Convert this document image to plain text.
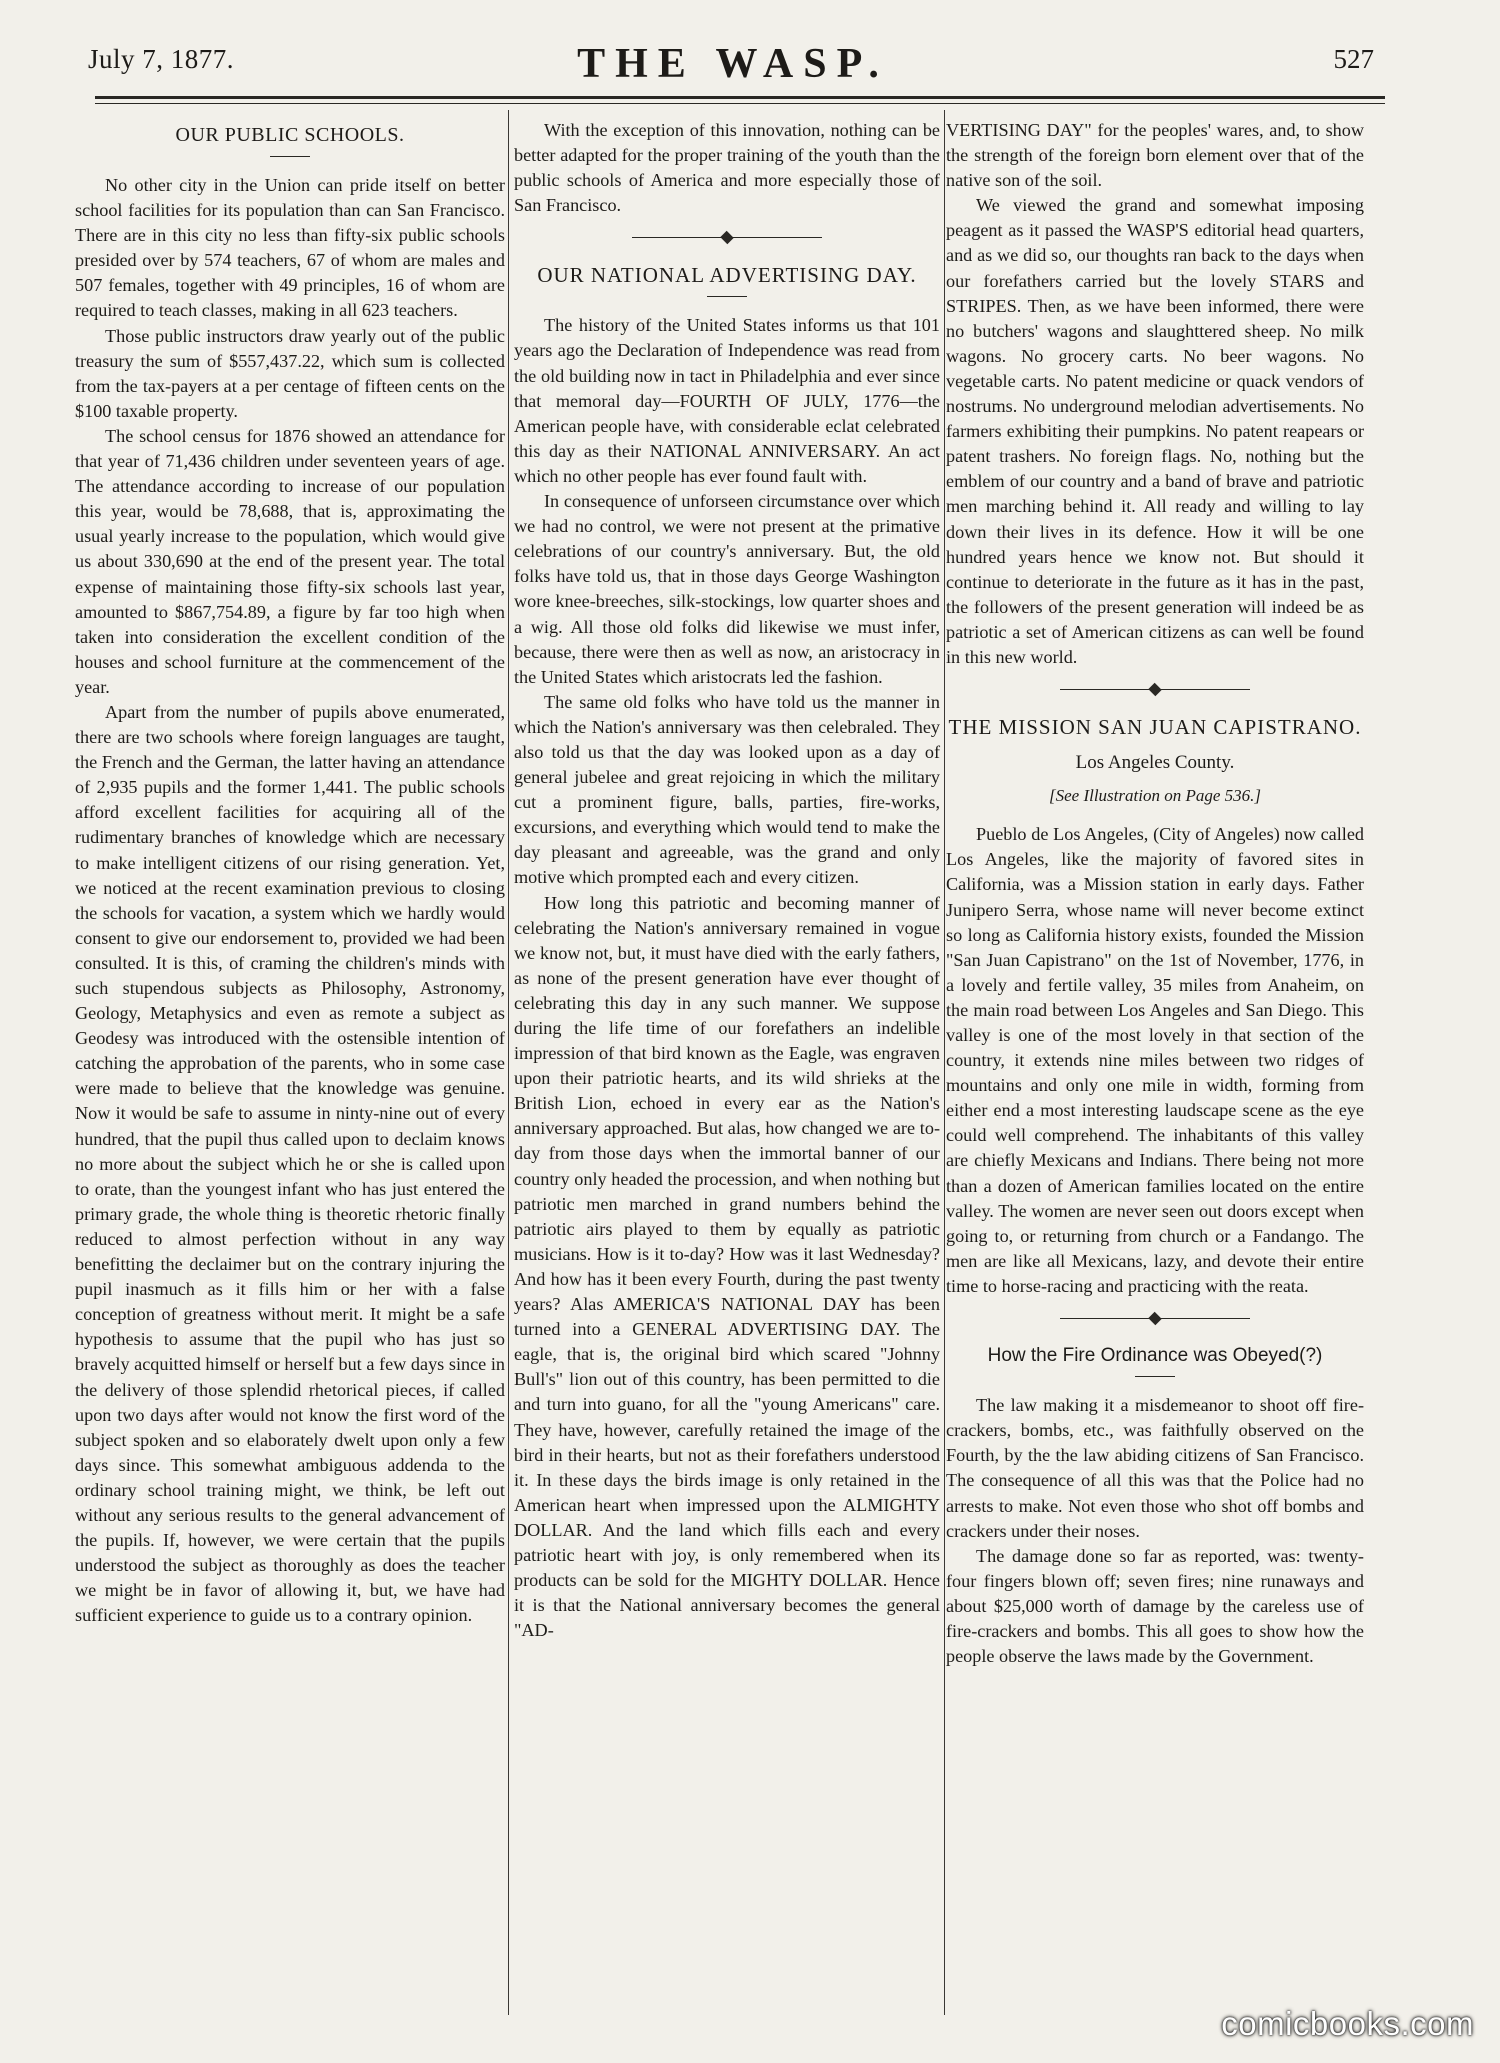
July 7, 1877.	THE WASP.	527
OUR PUBLIC SCHOOLS.

No other city in the Union can pride itself on better school facilities for its population than can San Francisco. There are in this city no less than fifty-six public schools presided over by 574 teachers, 67 of whom are males and 507 females, together with 49 principles, 16 of whom are required to teach classes, making in all 623 teachers.

Those public instructors draw yearly out of the public treasury the sum of $557,437.22, which sum is collected from the tax-payers at a per centage of fifteen cents on the $100 taxable property.

The school census for 1876 showed an attendance for that year of 71,436 children under seventeen years of age. The attendance according to increase of our population this year, would be 78,688, that is, approximating the usual yearly increase to the population, which would give us about 330,690 at the end of the present year. The total expense of maintaining those fifty-six schools last year, amounted to $867,754.89, a figure by far too high when taken into consideration the excellent condition of the houses and school furniture at the commencement of the year.

Apart from the number of pupils above enumerated, there are two schools where foreign languages are taught, the French and the German, the latter having an attendance of 2,935 pupils and the former 1,441. The public schools afford excellent facilities for acquiring all of the rudimentary branches of knowledge which are necessary to make intelligent citizens of our rising generation. Yet, we noticed at the recent examination previous to closing the schools for vacation, a system which we hardly would consent to give our endorsement to, provided we had been consulted. It is this, of craming the children's minds with such stupendous subjects as Philosophy, Astronomy, Geology, Metaphysics and even as remote a subject as Geodesy was introduced with the ostensible intention of catching the approbation of the parents, who in some case were made to believe that the knowledge was genuine. Now it would be safe to assume in ninty-nine out of every hundred, that the pupil thus called upon to declaim knows no more about the subject which he or she is called upon to orate, than the youngest infant who has just entered the primary grade, the whole thing is theoretic rhetoric finally reduced to almost perfection without in any way benefitting the declaimer but on the contrary injuring the pupil inasmuch as it fills him or her with a false conception of greatness without merit. It might be a safe hypothesis to assume that the pupil who has just so bravely acquitted himself or herself but a few days since in the delivery of those splendid rhetorical pieces, if called upon two days after would not know the first word of the subject spoken and so elaborately dwelt upon only a few days since. This somewhat ambiguous addenda to the ordinary school training might, we think, be left out without any serious results to the general advancement of the pupils. If, however, we were certain that the pupils understood the subject as thoroughly as does the teacher we might be in favor of allowing it, but, we have had sufficient experience to guide us to a contrary opinion.

With the exception of this innovation, nothing can be better adapted for the proper training of the youth than the public schools of America and more especially those of San Francisco.

OUR NATIONAL ADVERTISING DAY.

The history of the United States informs us that 101 years ago the Declaration of Independence was read from the old building now in tact in Philadelphia and ever since that memoral day—FOURTH OF JULY, 1776—the American people have, with considerable eclat celebrated this day as their NATIONAL ANNIVERSARY. An act which no other people has ever found fault with.

In consequence of unforseen circumstance over which we had no control, we were not present at the primative celebrations of our country's anniversary. But, the old folks have told us, that in those days George Washington wore knee-breeches, silk-stockings, low quarter shoes and a wig. All those old folks did likewise we must infer, because, there were then as well as now, an aristocracy in the United States which aristocrats led the fashion.

The same old folks who have told us the manner in which the Nation's anniversary was then celebraled. They also told us that the day was looked upon as a day of general jubelee and great rejoicing in which the military cut a prominent figure, balls, parties, fire-works, excursions, and everything which would tend to make the day pleasant and agreeable, was the grand and only motive which prompted each and every citizen.

How long this patriotic and becoming manner of celebrating the Nation's anniversary remained in vogue we know not, but, it must have died with the early fathers, as none of the present generation have ever thought of celebrating this day in any such manner. We suppose during the life time of our forefathers an indelible impression of that bird known as the Eagle, was engraven upon their patriotic hearts, and its wild shrieks at the British Lion, echoed in every ear as the Nation's anniversary approached. But alas, how changed we are to-day from those days when the immortal banner of our country only headed the procession, and when nothing but patriotic men marched in grand numbers behind the patriotic airs played to them by equally as patriotic musicians. How is it to-day? How was it last Wednesday? And how has it been every Fourth, during the past twenty years? Alas AMERICA'S NATIONAL DAY has been turned into a GENERAL ADVERTISING DAY. The eagle, that is, the original bird which scared "Johnny Bull's" lion out of this country, has been permitted to die and turn into guano, for all the "young Americans" care. They have, however, carefully retained the image of the bird in their hearts, but not as their forefathers understood it. In these days the birds image is only retained in the American heart when impressed upon the ALMIGHTY DOLLAR. And the land which fills each and every patriotic heart with joy, is only remembered when its products can be sold for the MIGHTY DOLLAR. Hence it is that the National anniversary becomes the general "AD-

VERTISING DAY" for the peoples' wares, and, to show the strength of the foreign born element over that of the native son of the soil.

We viewed the grand and somewhat imposing peagent as it passed the WASP'S editorial head quarters, and as we did so, our thoughts ran back to the days when our forefathers carried but the lovely STARS and STRIPES. Then, as we have been informed, there were no butchers' wagons and slaughttered sheep. No milk wagons. No grocery carts. No beer wagons. No vegetable carts. No patent medicine or quack vendors of nostrums. No underground melodian advertisements. No farmers exhibiting their pumpkins. No patent reapears or patent trashers. No foreign flags. No, nothing but the emblem of our country and a band of brave and patriotic men marching behind it. All ready and willing to lay down their lives in its defence. How it will be one hundred years hence we know not. But should it continue to deteriorate in the future as it has in the past, the followers of the present generation will indeed be as patriotic a set of American citizens as can well be found in this new world.

THE MISSION SAN JUAN CAPISTRANO.
Los Angeles County.
[See Illustration on Page 536.]

Pueblo de Los Angeles, (City of Angeles) now called Los Angeles, like the majority of favored sites in California, was a Mission station in early days. Father Junipero Serra, whose name will never become extinct so long as California history exists, founded the Mission "San Juan Capistrano" on the 1st of November, 1776, in a lovely and fertile valley, 35 miles from Anaheim, on the main road between Los Angeles and San Diego. This valley is one of the most lovely in that section of the country, it extends nine miles between two ridges of mountains and only one mile in width, forming from either end a most interesting laudscape scene as the eye could well comprehend. The inhabitants of this valley are chiefly Mexicans and Indians. There being not more than a dozen of American families located on the entire valley. The women are never seen out doors except when going to, or returning from church or a Fandango. The men are like all Mexicans, lazy, and devote their entire time to horse-racing and practicing with the reata.

How the Fire Ordinance was Obeyed(?)

The law making it a misdemeanor to shoot off fire-crackers, bombs, etc., was faithfully observed on the Fourth, by the the law abiding citizens of San Francisco. The consequence of all this was that the Police had no arrests to make. Not even those who shot off bombs and crackers under their noses.

The damage done so far as reported, was: twenty-four fingers blown off; seven fires; nine runaways and about $25,000 worth of damage by the careless use of fire-crackers and bombs. This all goes to show how the people observe the laws made by the Government.

comicbooks.com
